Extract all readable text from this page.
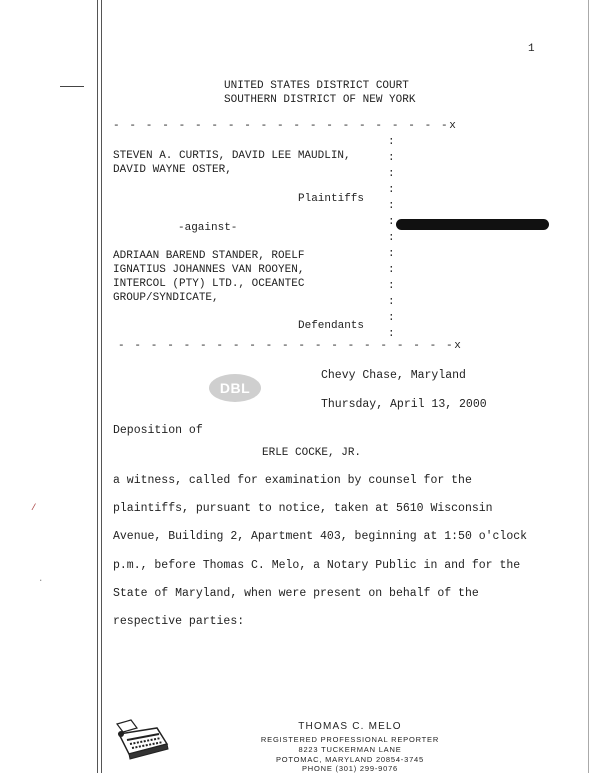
1
UNITED STATES DISTRICT COURT
SOUTHERN DISTRICT OF NEW YORK
- - - - - - - - - - - - - - - - - - - - -x
STEVEN A. CURTIS, DAVID LEE MAUDLIN,
DAVID WAYNE OSTER,
Plaintiffs
-against-
ADRIAAN BAREND STANDER, ROELF
IGNATIUS JOHANNES VAN ROOYEN,
INTERCOL (PTY) LTD., OCEANTEC
GROUP/SYNDICATE,
Defendants
- - - - - - - - - - - - - - - - - - - - -x
:
:
:
:
:
:
:
:
:
:
:
:
:
DBL
Chevy Chase, Maryland
Thursday, April 13, 2000
Deposition of
ERLE COCKE, JR.
a witness, called for examination by counsel for the
plaintiffs, pursuant to notice, taken at 5610 Wisconsin
Avenue, Building 2, Apartment 403, beginning at 1:50 o'clock
p.m., before Thomas C. Melo, a Notary Public in and for the
State of Maryland, when were present on behalf of the
respective parties:
/
·
THOMAS C. MELO
REGISTERED PROFESSIONAL REPORTER
8223 TUCKERMAN LANE
POTOMAC, MARYLAND 20854-3745
PHONE (301) 299-9076
